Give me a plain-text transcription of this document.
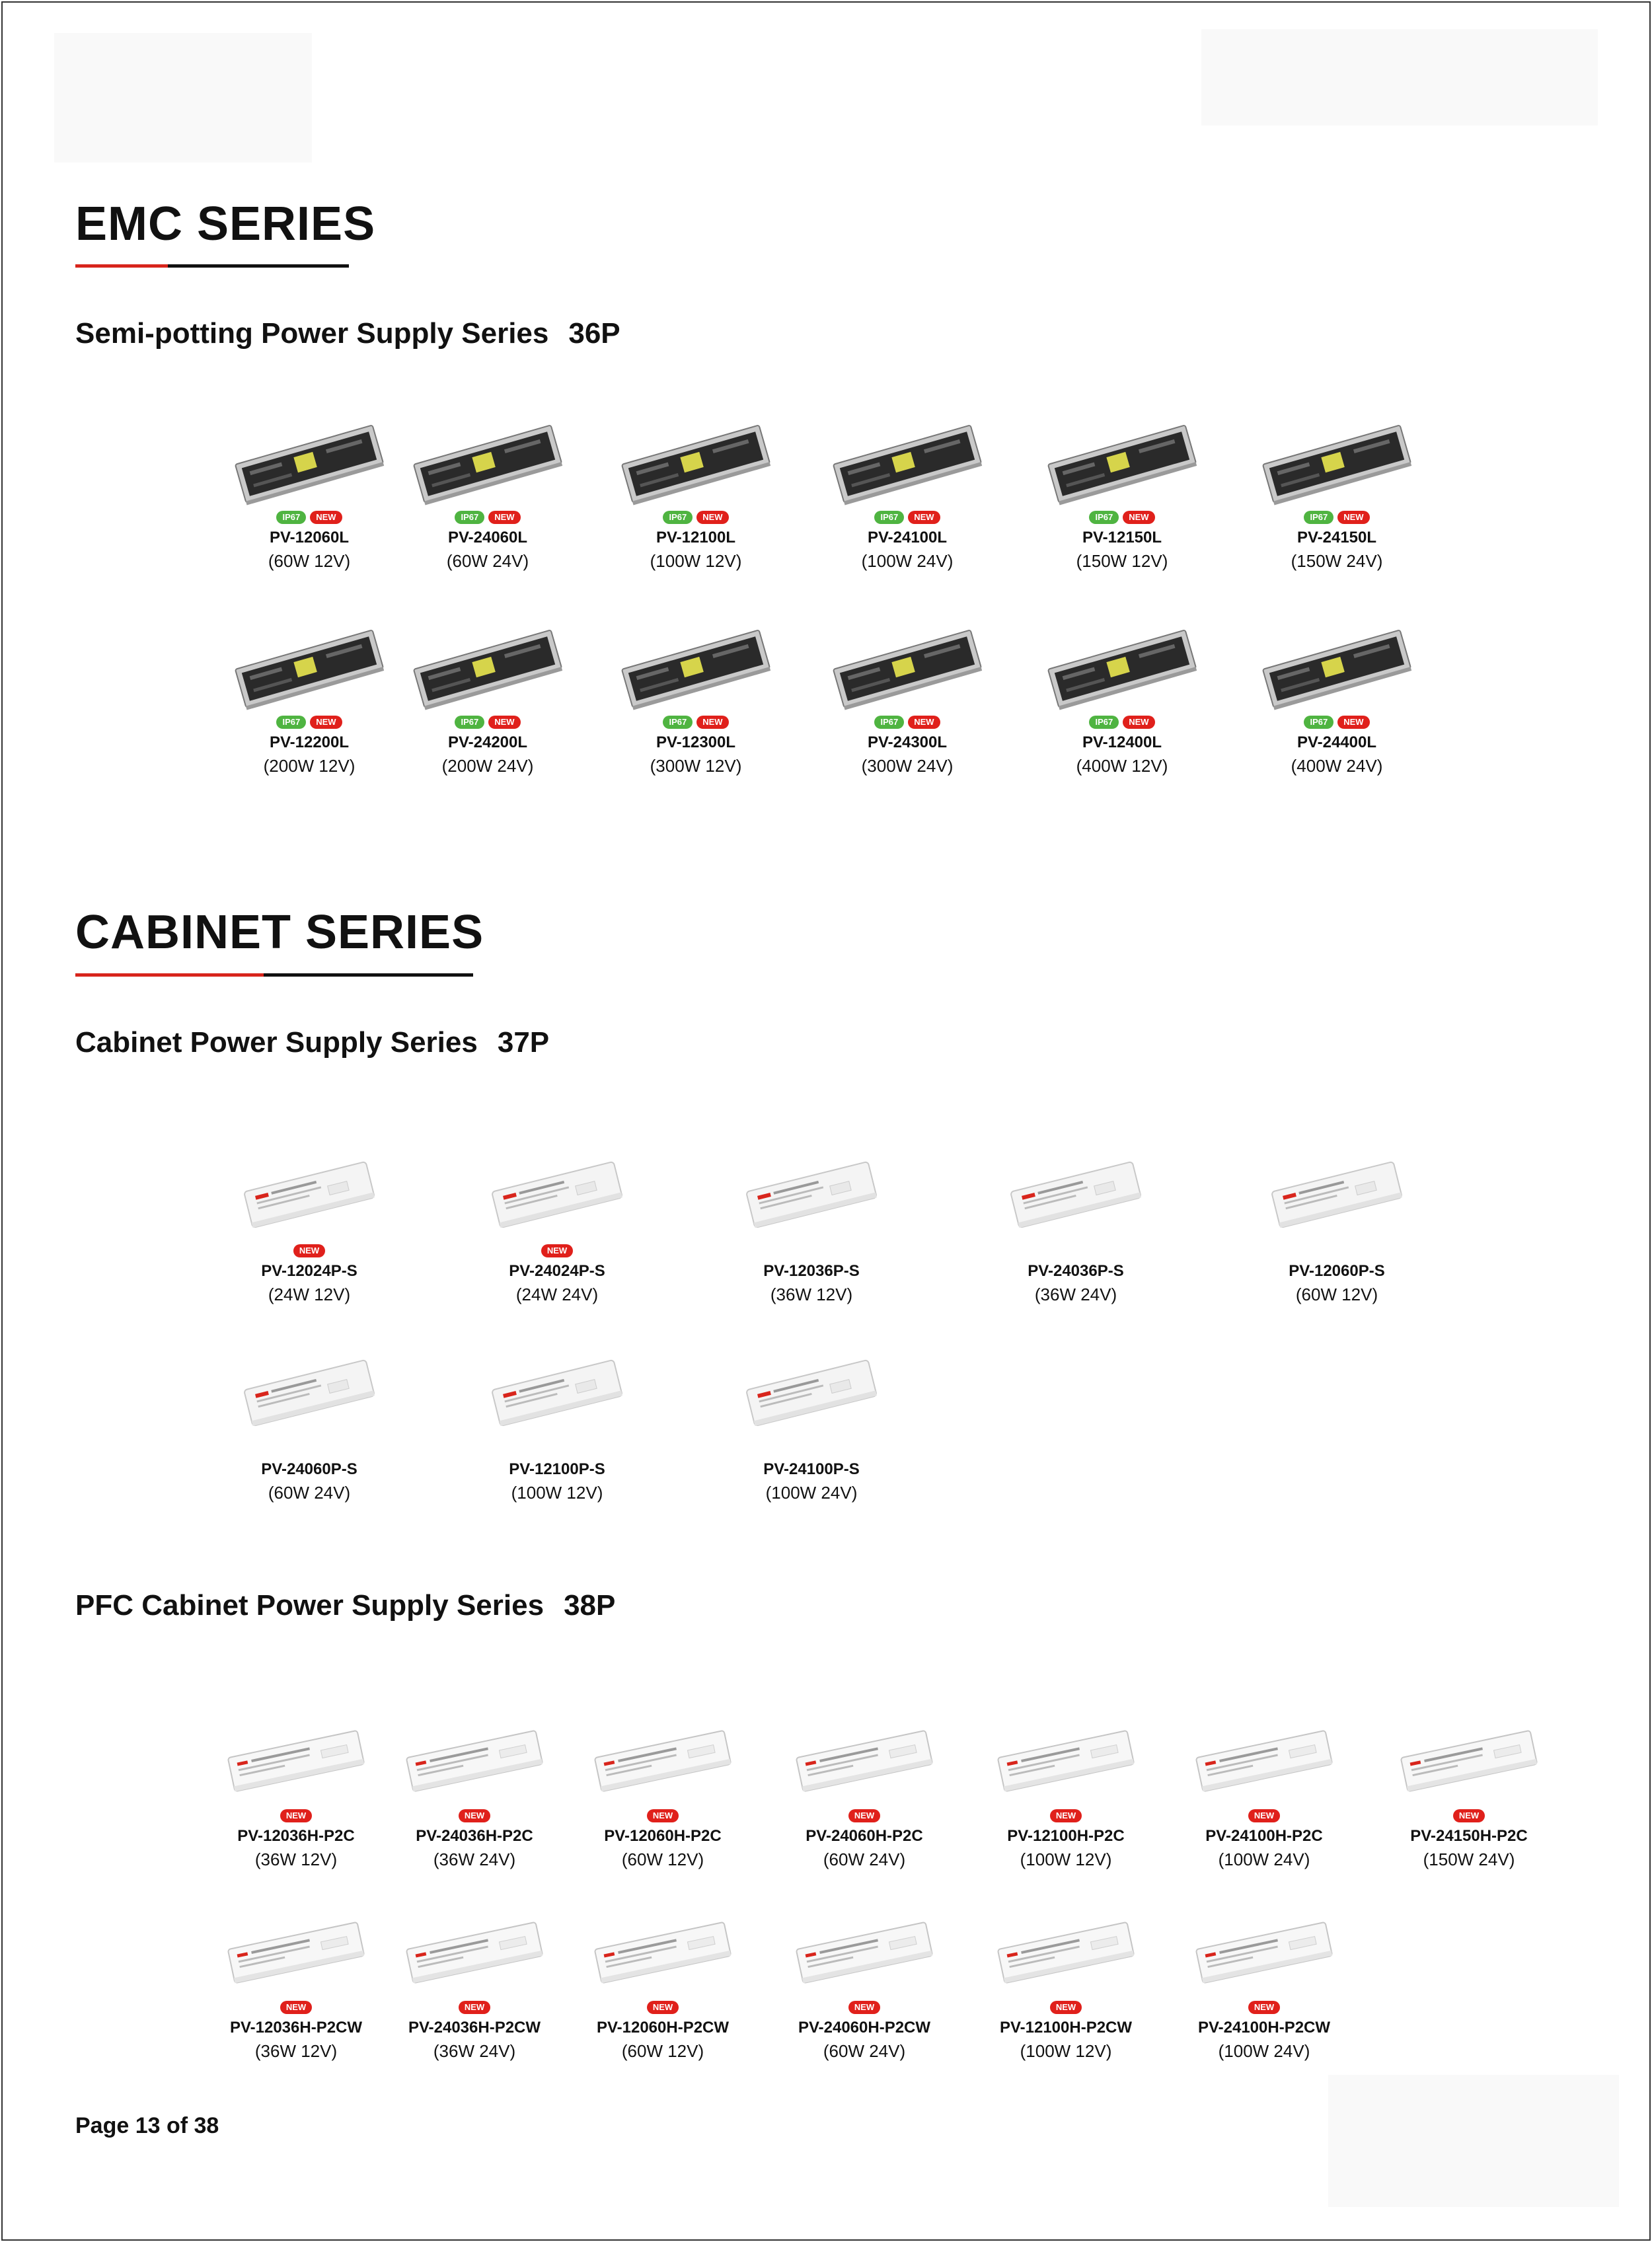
EMC SERIES
Semi-potting Power Supply Series 36P
IP67	NEW
PV-12060L
(60W 12V)
IP67	NEW
PV-24060L
(60W 24V)
IP67	NEW
PV-12100L
(100W 12V)
IP67	NEW
PV-24100L
(100W 24V)
IP67	NEW
PV-12150L
(150W 12V)
IP67	NEW
PV-24150L
(150W 24V)
IP67	NEW
PV-12200L
(200W 12V)
IP67	NEW
PV-24200L
(200W 24V)
IP67	NEW
PV-12300L
(300W 12V)
IP67	NEW
PV-24300L
(300W 24V)
IP67	NEW
PV-12400L
(400W 12V)
IP67	NEW
PV-24400L
(400W 24V)
CABINET SERIES
Cabinet Power Supply Series 37P
NEW
PV-12024P-S
(24W 12V)
NEW
PV-24024P-S
(24W 24V)
PV-12036P-S
(36W 12V)
PV-24036P-S
(36W 24V)
PV-12060P-S
(60W 12V)
PV-24060P-S
(60W 24V)
PV-12100P-S
(100W 12V)
PV-24100P-S
(100W 24V)
PFC Cabinet Power Supply Series 38P
NEW
PV-12036H-P2C
(36W 12V)
NEW
PV-24036H-P2C
(36W 24V)
NEW
PV-12060H-P2C
(60W 12V)
NEW
PV-24060H-P2C
(60W 24V)
NEW
PV-12100H-P2C
(100W 12V)
NEW
PV-24100H-P2C
(100W 24V)
NEW
PV-24150H-P2C
(150W 24V)
NEW
PV-12036H-P2CW
(36W 12V)
NEW
PV-24036H-P2CW
(36W 24V)
NEW
PV-12060H-P2CW
(60W 12V)
NEW
PV-24060H-P2CW
(60W 24V)
NEW
PV-12100H-P2CW
(100W 12V)
NEW
PV-24100H-P2CW
(100W 24V)
Page 13 of 38
